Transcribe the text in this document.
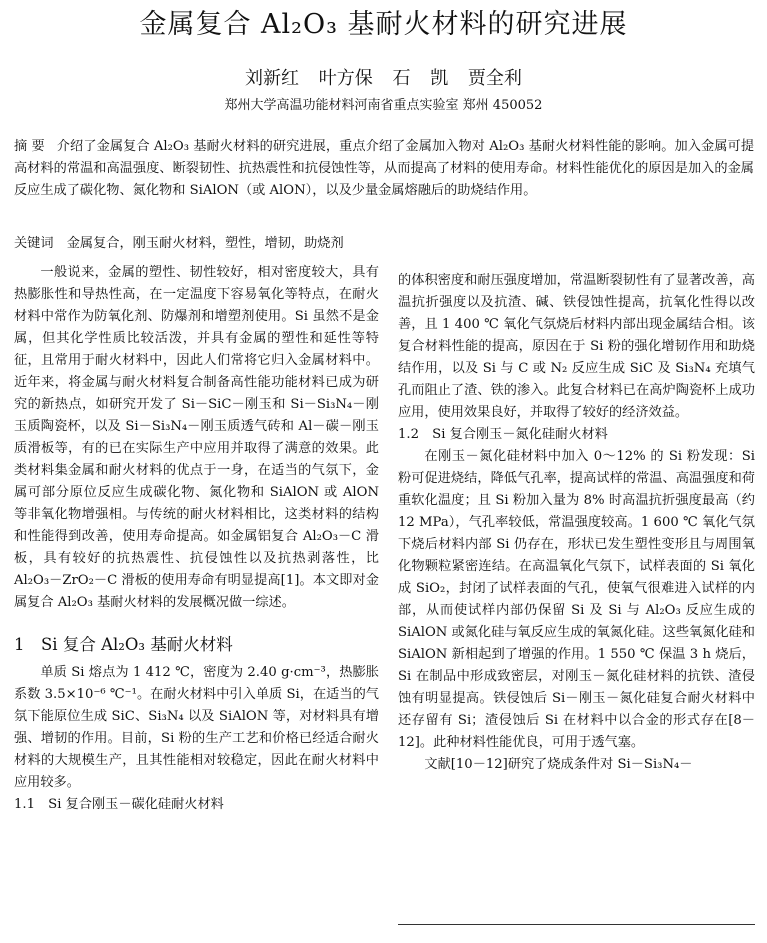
金属复合 Al₂O₃ 基耐火材料的研究进展
刘新红 叶方保 石 凯 贾全利
郑州大学高温功能材料河南省重点实验室 郑州 450052
摘 要 介绍了金属复合 Al₂O₃ 基耐火材料的研究进展，重点介绍了金属加入物对 Al₂O₃ 基耐火材料性能的影响。加入金属可提高材料的常温和高温强度、断裂韧性、抗热震性和抗侵蚀性等，从而提高了材料的使用寿命。材料性能优化的原因是加入的金属反应生成了碳化物、氮化物和 SiAlON（或 AlON），以及少量金属熔融后的助烧结作用。
关键词　 金属复合，刚玉耐火材料，塑性，增韧，助烧剂

一般说来，金属的塑性、韧性较好，相对密度较大，具有热膨胀性和导热性高，在一定温度下容易氧化等特点，在耐火材料中常作为防氧化剂、防爆剂和增塑剂使用。Si 虽然不是金属，但其化学性质比较活泼，并具有金属的塑性和延性等特征，且常用于耐火材料中，因此人们常将它归入金属材料中。近年来，将金属与耐火材料复合制备高性能功能材料已成为研究的新热点，如研究开发了 Si－SiC－刚玉和 Si－Si₃N₄－刚玉质陶瓷杯，以及 Si－Si₃N₄－刚玉质透气砖和 Al－碳－刚玉质滑板等，有的已在实际生产中应用并取得了满意的效果。此类材料集金属和耐火材料的优点于一身，在适当的气氛下，金属可部分原位反应生成碳化物、氮化物和 SiAlON 或 AlON 等非氧化物增强相。与传统的耐火材料相比，这类材料的结构和性能得到改善，使用寿命提高。如金属铝复合 Al₂O₃－C 滑板，具有较好的抗热震性、抗侵蚀性以及抗热剥落性，比 Al₂O₃－ZrO₂－C 滑板的使用寿命有明显提高[1]。本文即对金属复合 Al₂O₃ 基耐火材料的发展概况做一综述。

1　Si 复合 Al₂O₃ 基耐火材料

单质 Si 熔点为 1 412 ℃，密度为 2.40 g·cm⁻³，热膨胀系数 3.5×10⁻⁶ ℃⁻¹。在耐火材料中引入单质 Si，在适当的气氛下能原位生成 SiC、Si₃N₄ 以及 SiAlON 等，对材料具有增强、增韧的作用。目前，Si 粉的生产工艺和价格已经适合耐火材料的大规模生产，且其性能相对较稳定，因此在耐火材料中应用较多。

1.1　Si 复合刚玉－碳化硅耐火材料

的体积密度和耐压强度增加，常温断裂韧性有了显著改善，高温抗折强度以及抗渣、碱、铁侵蚀性提高，抗氧化性得以改善，且 1 400 ℃ 氧化气氛烧后材料内部出现金属结合相。该复合材料性能的提高，原因在于 Si 粉的强化增韧作用和助烧结作用，以及 Si 与 C 或 N₂ 反应生成 SiC 及 Si₃N₄ 充填气孔而阻止了渣、铁的渗入。此复合材料已在高炉陶瓷杯上成功应用，使用效果良好，并取得了较好的经济效益。

1.2　Si 复合刚玉－氮化硅耐火材料

在刚玉－氮化硅材料中加入 0～12% 的 Si 粉发现：Si 粉可促进烧结，降低气孔率，提高试样的常温、高温强度和荷重软化温度；且 Si 粉加入量为 8% 时高温抗折强度最高（约 12 MPa），气孔率较低，常温强度较高。1 600 ℃ 氧化气氛下烧后材料内部 Si 仍存在，形状已发生塑性变形且与周围氧化物颗粒紧密连结。在高温氧化气氛下，试样表面的 Si 氧化成 SiO₂，封闭了试样表面的气孔，使氧气很难进入试样的内部，从而使试样内部仍保留 Si 及 Si 与 Al₂O₃ 反应生成的 SiAlON 或氮化硅与氧反应生成的氧氮化硅。这些氧氮化硅和 SiAlON 新相起到了增强的作用。1 550 ℃ 保温 3 h 烧后，Si 在制品中形成致密层，对刚玉－氮化硅材料的抗铁、渣侵蚀有明显提高。铁侵蚀后 Si－刚玉－氮化硅复合耐火材料中还存留有 Si；渣侵蚀后 Si 在材料中以合金的形式存在[8－12]。此种材料性能优良，可用于透气塞。

文献[10－12]研究了烧成条件对 Si－Si₃N₄－
